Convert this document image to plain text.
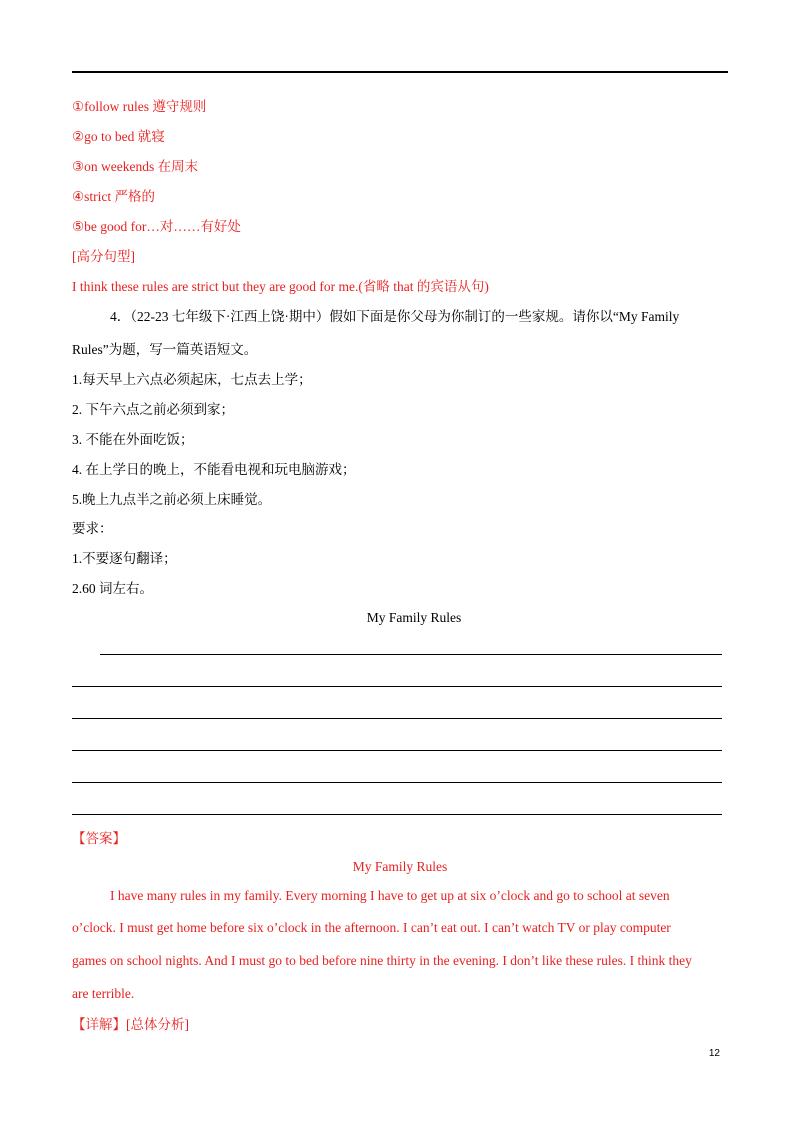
①follow rules 遵守规则
②go to bed 就寝
③on weekends 在周末
④strict 严格的
⑤be good for…对……有好处
[高分句型]
I think these rules are strict but they are good for me.(省略 that 的宾语从句)
4．（22-23 七年级下·江西上饶·期中）假如下面是你父母为你制订的一些家规。请你以“My Family
Rules”为题，写一篇英语短文。
1.每天早上六点必须起床，七点去上学；
2. 下午六点之前必须到家；
3. 不能在外面吃饭；
4. 在上学日的晚上，不能看电视和玩电脑游戏；
5.晚上九点半之前必须上床睡觉。
要求：
1.不要逐句翻译；
2.60 词左右。
My Family Rules
【答案】
My Family Rules
I have many rules in my family. Every morning I have to get up at six o’clock and go to school at seven
o’clock. I must get home before six o’clock in the afternoon. I can’t eat out. I can’t watch TV or play computer
games on school nights. And I must go to bed before nine thirty in the evening. I don’t like these rules. I think they
are terrible.
【详解】[总体分析]
12
